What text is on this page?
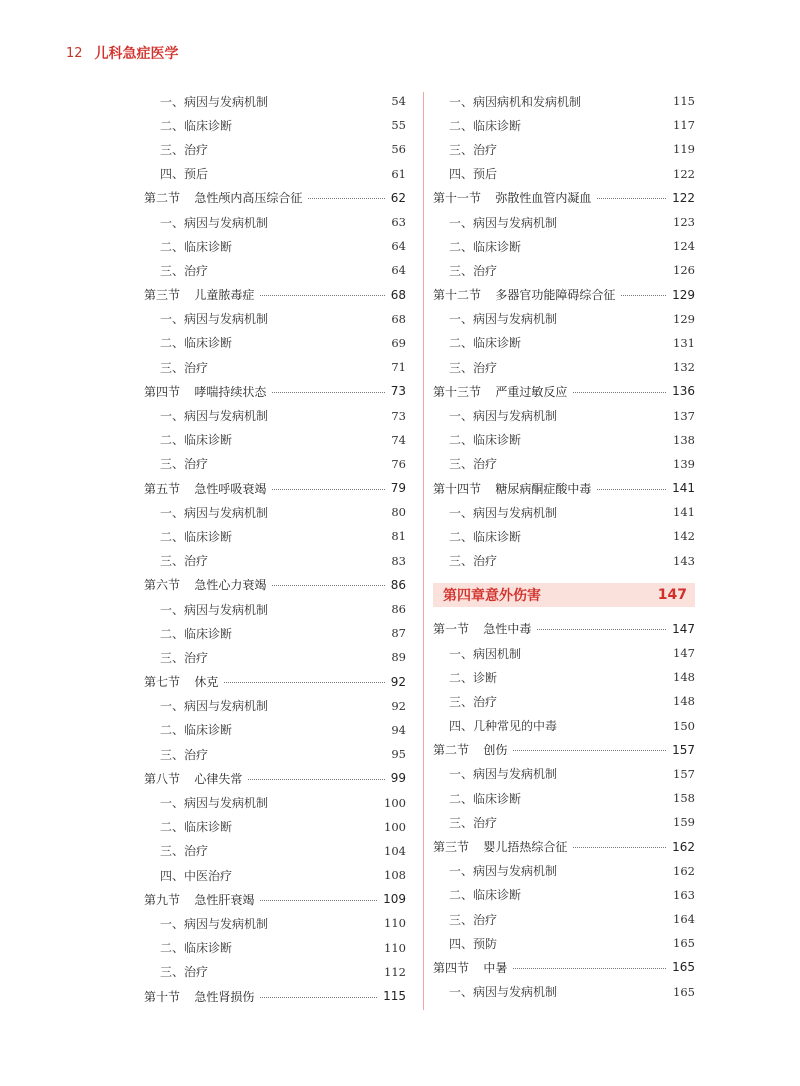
12 儿科急症医学
一、病因与发病机制	54
二、临床诊断	55
三、治疗	56
四、预后	61
第二节 急性颅内高压综合征	62
一、病因与发病机制	63
二、临床诊断	64
三、治疗	64
第三节 儿童脓毒症	68
一、病因与发病机制	68
二、临床诊断	69
三、治疗	71
第四节 哮喘持续状态	73
一、病因与发病机制	73
二、临床诊断	74
三、治疗	76
第五节 急性呼吸衰竭	79
一、病因与发病机制	80
二、临床诊断	81
三、治疗	83
第六节 急性心力衰竭	86
一、病因与发病机制	86
二、临床诊断	87
三、治疗	89
第七节 休克	92
一、病因与发病机制	92
二、临床诊断	94
三、治疗	95
第八节 心律失常	99
一、病因与发病机制	100
二、临床诊断	100
三、治疗	104
四、中医治疗	108
第九节 急性肝衰竭	109
一、病因与发病机制	110
二、临床诊断	110
三、治疗	112
第十节 急性肾损伤	115
一、病因病机和发病机制	115
二、临床诊断	117
三、治疗	119
四、预后	122
第十一节 弥散性血管内凝血	122
一、病因与发病机制	123
二、临床诊断	124
三、治疗	126
第十二节 多器官功能障碍综合征	129
一、病因与发病机制	129
二、临床诊断	131
三、治疗	132
第十三节 严重过敏反应	136
一、病因与发病机制	137
二、临床诊断	138
三、治疗	139
第十四节 糖尿病酮症酸中毒	141
一、病因与发病机制	141
二、临床诊断	142
三、治疗	143
第四章意外伤害	147
第一节 急性中毒	147
一、病因机制	147
二、诊断	148
三、治疗	148
四、几种常见的中毒	150
第二节 创伤	157
一、病因与发病机制	157
二、临床诊断	158
三、治疗	159
第三节 婴儿捂热综合征	162
一、病因与发病机制	162
二、临床诊断	163
三、治疗	164
四、预防	165
第四节 中暑	165
一、病因与发病机制	165
